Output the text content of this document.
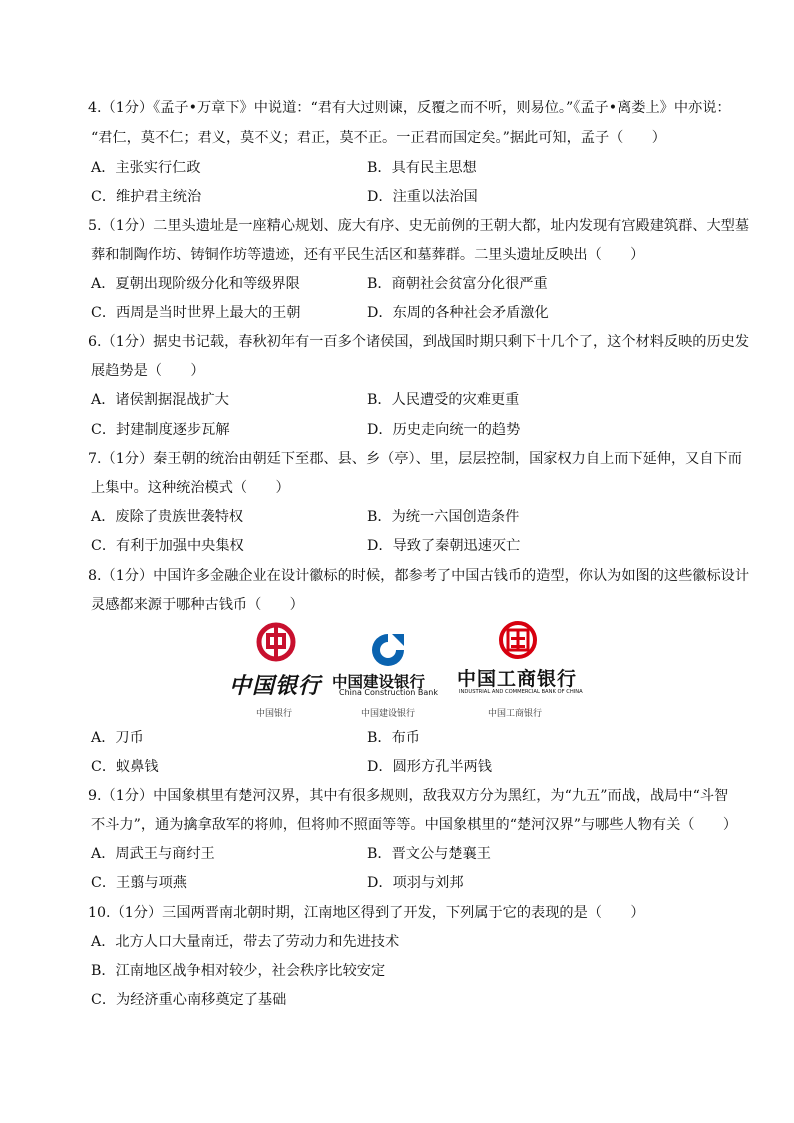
4.（1分）《孟子•万章下》中说道：“君有大过则谏，反覆之而不听，则易位。”《孟子•离娄上》中亦说：
“君仁，莫不仁；君义，莫不义；君正，莫不正。一正君而国定矣。”据此可知，孟子（　　）
A．主张实行仁政	B．具有民主思想
C．维护君主统治	D．注重以法治国
5.（1分）二里头遗址是一座精心规划、庞大有序、史无前例的王朝大都，址内发现有宫殿建筑群、大型墓
葬和制陶作坊、铸铜作坊等遗迹，还有平民生活区和墓葬群。二里头遗址反映出（　　）
A．夏朝出现阶级分化和等级界限	B．商朝社会贫富分化很严重
C．西周是当时世界上最大的王朝	D．东周的各种社会矛盾激化
6.（1分）据史书记载，春秋初年有一百多个诸侯国，到战国时期只剩下十几个了，这个材料反映的历史发
展趋势是（　　）
A．诸侯割据混战扩大	B．人民遭受的灾难更重
C．封建制度逐步瓦解	D．历史走向统一的趋势
7.（1分）秦王朝的统治由朝廷下至郡、县、乡（亭）、里，层层控制，国家权力自上而下延伸，又自下而
上集中。这种统治模式（　　）
A．废除了贵族世袭特权	B．为统一六国创造条件
C．有利于加强中央集权	D．导致了秦朝迅速灭亡
8.（1分）中国许多金融企业在设计徽标的时候，都参考了中国古钱币的造型，你认为如图的这些徽标设计
灵感都来源于哪种古钱币（　　）
中国银行
中国银行
中国建设银行
China Construction Bank
中国建设银行
中国工商银行
INDUSTRIAL AND COMMERCIAL BANK OF CHINA
中国工商银行
A．刀币	B．布币
C．蚁鼻钱	D．圆形方孔半两钱
9.（1分）中国象棋里有楚河汉界，其中有很多规则，敌我双方分为黑红，为“九五”而战，战局中“斗智
不斗力”，通为擒拿敌军的将帅，但将帅不照面等等。中国象棋里的“楚河汉界”与哪些人物有关（　　）
A．周武王与商纣王	B．晋文公与楚襄王
C．王翦与项燕	D．项羽与刘邦
10.（1分）三国两晋南北朝时期，江南地区得到了开发，下列属于它的表现的是（　　）
A．北方人口大量南迁，带去了劳动力和先进技术
B．江南地区战争相对较少，社会秩序比较安定
C．为经济重心南移奠定了基础
